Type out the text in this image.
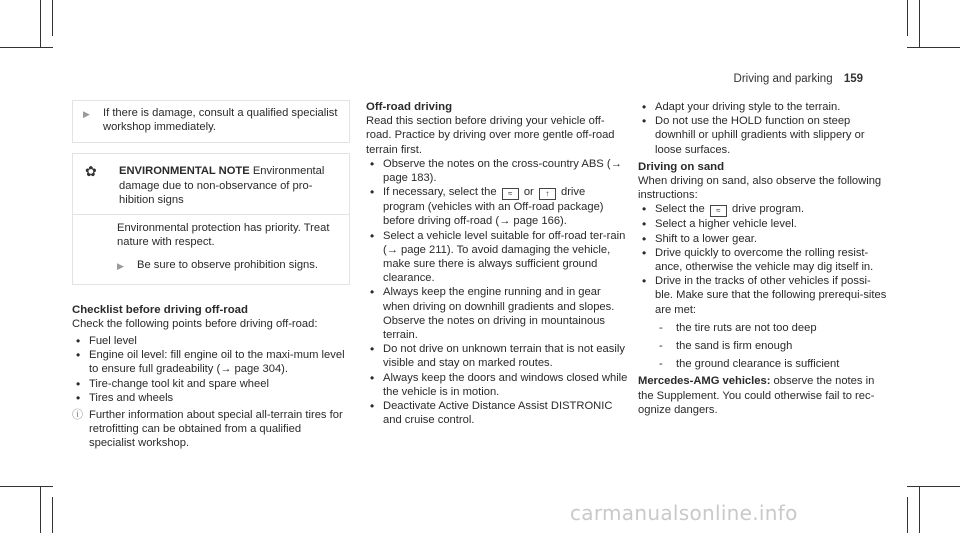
Driving and parking 159
▶	If there is damage, consult a qualified specialist workshop immediately.
✿	ENVIRONMENTAL NOTE Environmental damage due to non-observance of pro-hibition signs

Environmental protection has priority. Treat nature with respect.

▶	Be sure to observe prohibition signs.
Checklist before driving off-road

Check the following points before driving off-road:

• Fuel level
• Engine oil level: fill engine oil to the maxi-mum level to ensure full gradeability (→ page 304).
• Tire-change tool kit and spare wheel
• Tires and wheels
ⓘ Further information about special all-terrain tires for retrofitting can be obtained from a qualified specialist workshop.
Off-road driving

Read this section before driving your vehicle off-road. Practice by driving over more gentle off-road terrain first.

• Observe the notes on the cross-country ABS (→ page 183).
• If necessary, select the ≈ or ↑ drive program (vehicles with an Off-road package) before driving off-road (→ page 166).
• Select a vehicle level suitable for off-road ter-rain (→ page 211). To avoid damaging the vehicle, make sure there is always sufficient ground clearance.
• Always keep the engine running and in gear when driving on downhill gradients and slopes. Observe the notes on driving in mountainous terrain.
• Do not drive on unknown terrain that is not easily visible and stay on marked routes.
• Always keep the doors and windows closed while the vehicle is in motion.
• Deactivate Active Distance Assist DISTRONIC and cruise control.
• Adapt your driving style to the terrain.
• Do not use the HOLD function on steep downhill or uphill gradients with slippery or loose surfaces.
Driving on sand

When driving on sand, also observe the following instructions:

• Select the ≈ drive program.
• Select a higher vehicle level.
• Shift to a lower gear.
• Drive quickly to overcome the rolling resist-ance, otherwise the vehicle may dig itself in.
• Drive in the tracks of other vehicles if possi-ble. Make sure that the following prerequi-sites are met:
- the tire ruts are not too deep
- the sand is firm enough
- the ground clearance is sufficient

Mercedes-AMG vehicles: observe the notes in the Supplement. You could otherwise fail to rec-ognize dangers.

carmanualsonline.info
